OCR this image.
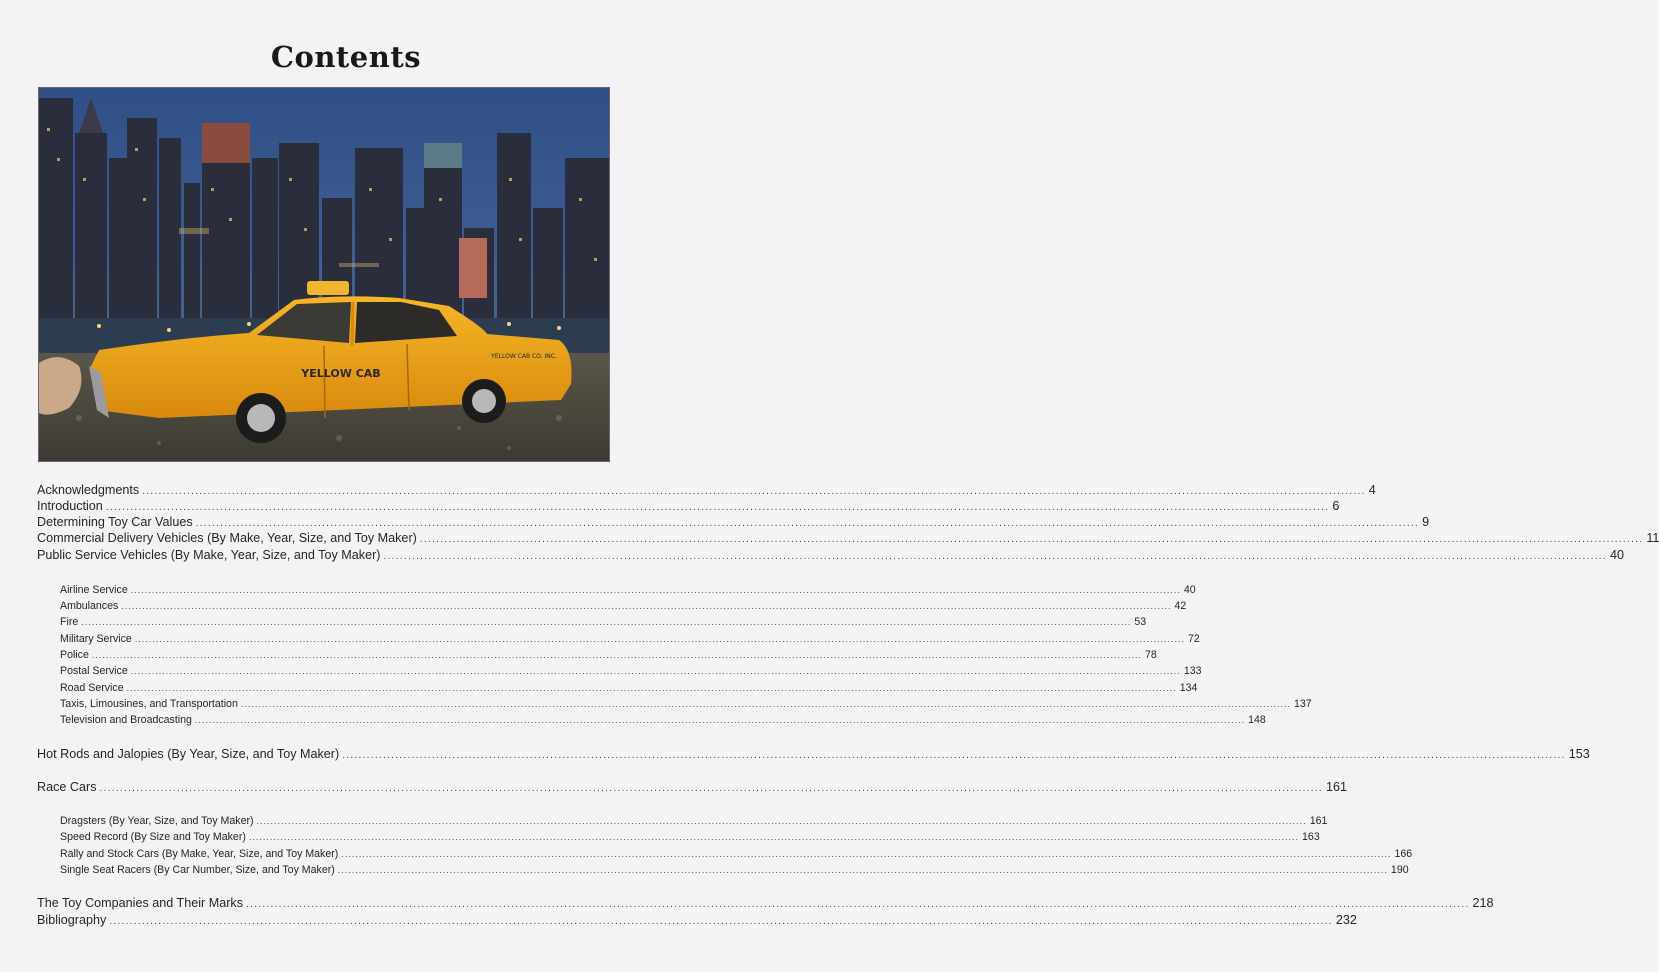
Contents
YELLOW CAB
YELLOW CAB CO. INC.
Acknowledgments ............................................................................................................................................................................................................................................................................................................ 4
Introduction ............................................................................................................................................................................................................................................................................................................ 6
Determining Toy Car Values ............................................................................................................................................................................................................................................................................................................ 9
Commercial Delivery Vehicles (By Make, Year, Size, and Toy Maker) ............................................................................................................................................................................................................................................................................................................ 11
Public Service Vehicles (By Make, Year, Size, and Toy Maker) ............................................................................................................................................................................................................................................................................................................ 40
Airline Service ............................................................................................................................................................................................................................................................................................................ 40
Ambulances ............................................................................................................................................................................................................................................................................................................ 42
Fire ............................................................................................................................................................................................................................................................................................................ 53
Military Service ............................................................................................................................................................................................................................................................................................................ 72
Police ............................................................................................................................................................................................................................................................................................................ 78
Postal Service ............................................................................................................................................................................................................................................................................................................ 133
Road Service ............................................................................................................................................................................................................................................................................................................ 134
Taxis, Limousines, and Transportation ............................................................................................................................................................................................................................................................................................................ 137
Television and Broadcasting ............................................................................................................................................................................................................................................................................................................ 148
Hot Rods and Jalopies (By Year, Size, and Toy Maker) ............................................................................................................................................................................................................................................................................................................ 153
Race Cars ............................................................................................................................................................................................................................................................................................................ 161
Dragsters (By Year, Size, and Toy Maker) ............................................................................................................................................................................................................................................................................................................ 161
Speed Record (By Size and Toy Maker) ............................................................................................................................................................................................................................................................................................................ 163
Rally and Stock Cars (By Make, Year, Size, and Toy Maker) ............................................................................................................................................................................................................................................................................................................ 166
Single Seat Racers (By Car Number, Size, and Toy Maker) ............................................................................................................................................................................................................................................................................................................ 190
The Toy Companies and Their Marks ............................................................................................................................................................................................................................................................................................................ 218
Bibliography ............................................................................................................................................................................................................................................................................................................ 232
